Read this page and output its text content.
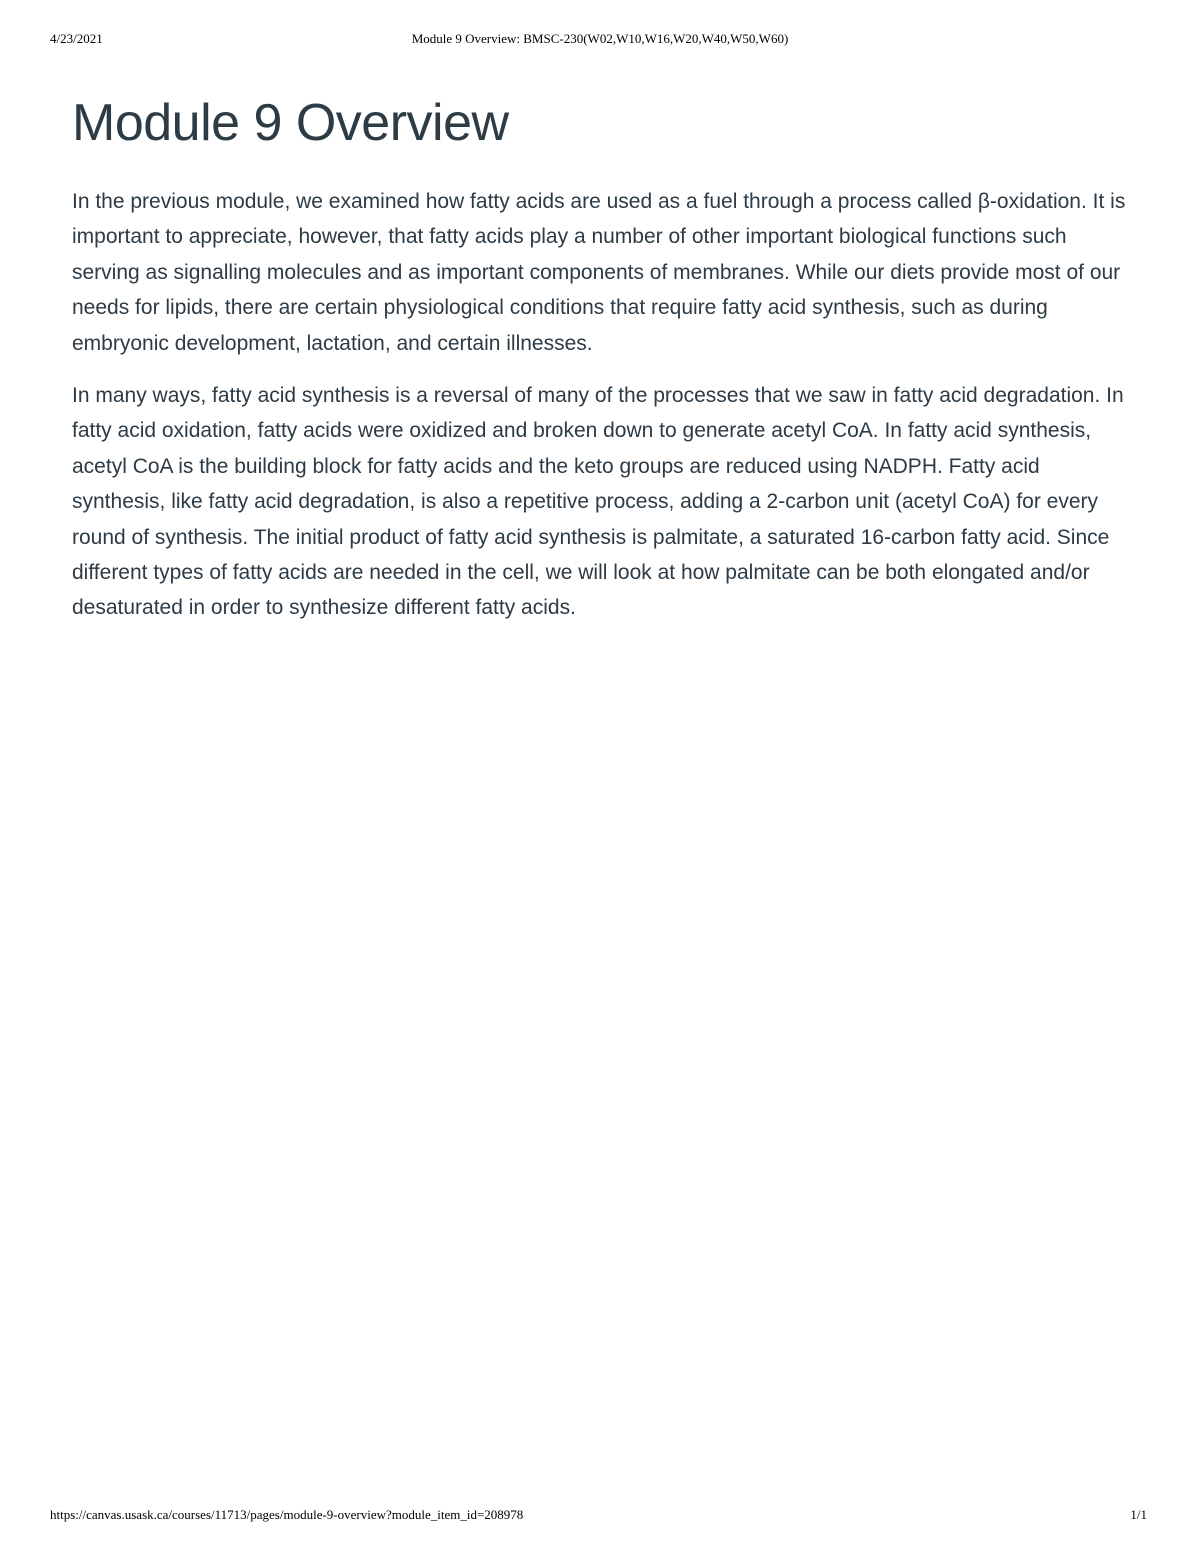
4/23/2021	Module 9 Overview: BMSC-230(W02,W10,W16,W20,W40,W50,W60)
Module 9 Overview

In the previous module, we examined how fatty acids are used as a fuel through a process called β-oxidation. It is important to appreciate, however, that fatty acids play a number of other important biological functions such serving as signalling molecules and as important components of membranes. While our diets provide most of our needs for lipids, there are certain physiological conditions that require fatty acid synthesis, such as during embryonic development, lactation, and certain illnesses.

In many ways, fatty acid synthesis is a reversal of many of the processes that we saw in fatty acid degradation. In fatty acid oxidation, fatty acids were oxidized and broken down to generate acetyl CoA. In fatty acid synthesis, acetyl CoA is the building block for fatty acids and the keto groups are reduced using NADPH. Fatty acid synthesis, like fatty acid degradation, is also a repetitive process, adding a 2-carbon unit (acetyl CoA) for every round of synthesis. The initial product of fatty acid synthesis is palmitate, a saturated 16-carbon fatty acid. Since different types of fatty acids are needed in the cell, we will look at how palmitate can be both elongated and/or desaturated in order to synthesize different fatty acids.

https://canvas.usask.ca/courses/11713/pages/module-9-overview?module_item_id=208978	1/1
